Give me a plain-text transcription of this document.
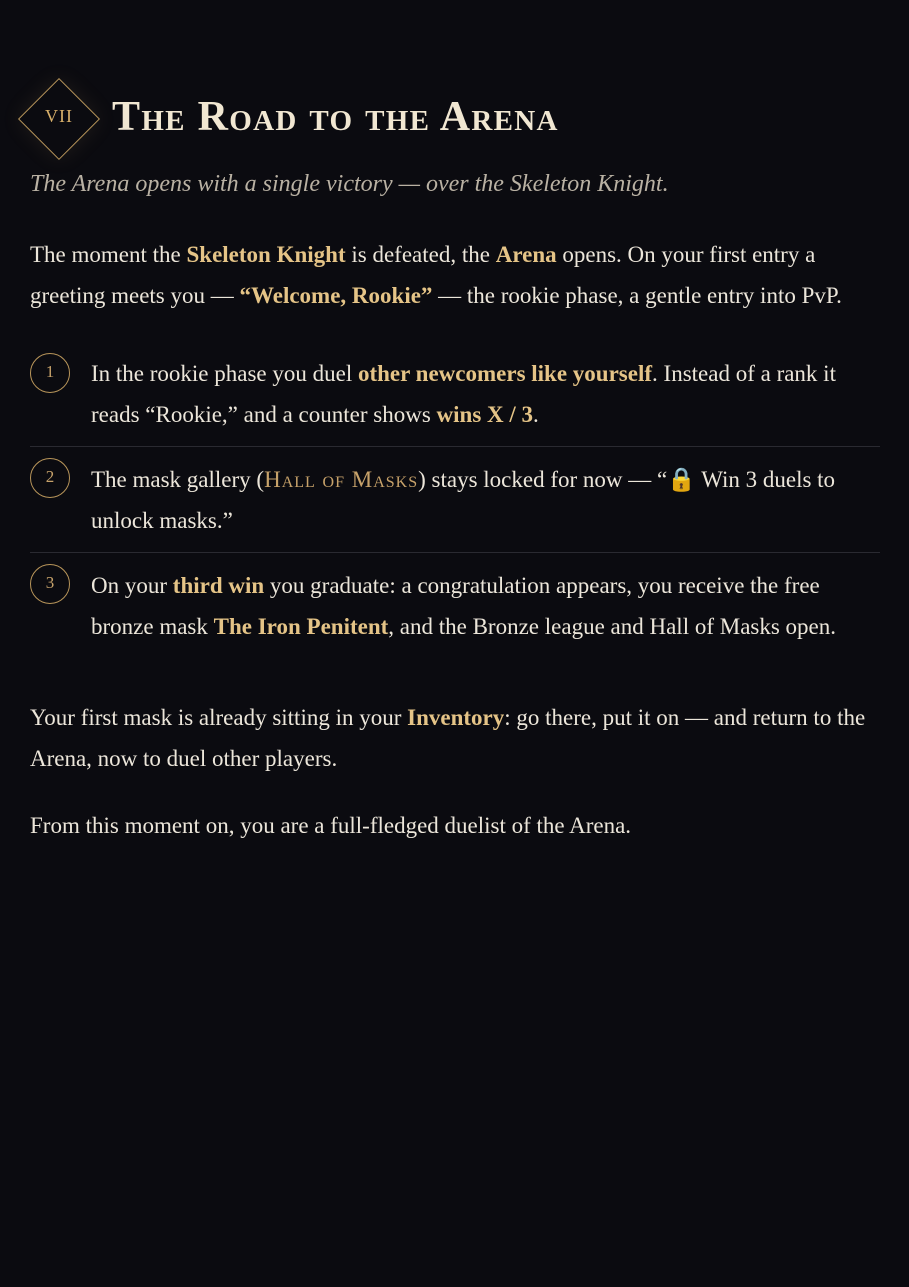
VII The Road to the Arena

The Arena opens with a single victory — over the Skeleton Knight.

The moment the Skeleton Knight is defeated, the Arena opens. On your first entry a greeting meets you — “Welcome, Rookie” — the rookie phase, a gentle entry into PvP.

1	In the rookie phase you duel other newcomers like yourself. Instead of a rank it reads “Rookie,” and a counter shows wins X / 3.

2	The mask gallery (Hall of Masks) stays locked for now — “🔒 Win 3 duels to unlock masks.”

3	On your third win you graduate: a congratulation appears, you receive the free bronze mask The Iron Penitent, and the Bronze league and Hall of Masks open.

Your first mask is already sitting in your Inventory: go there, put it on — and return to the Arena, now to duel other players.

From this moment on, you are a full-fledged duelist of the Arena.
